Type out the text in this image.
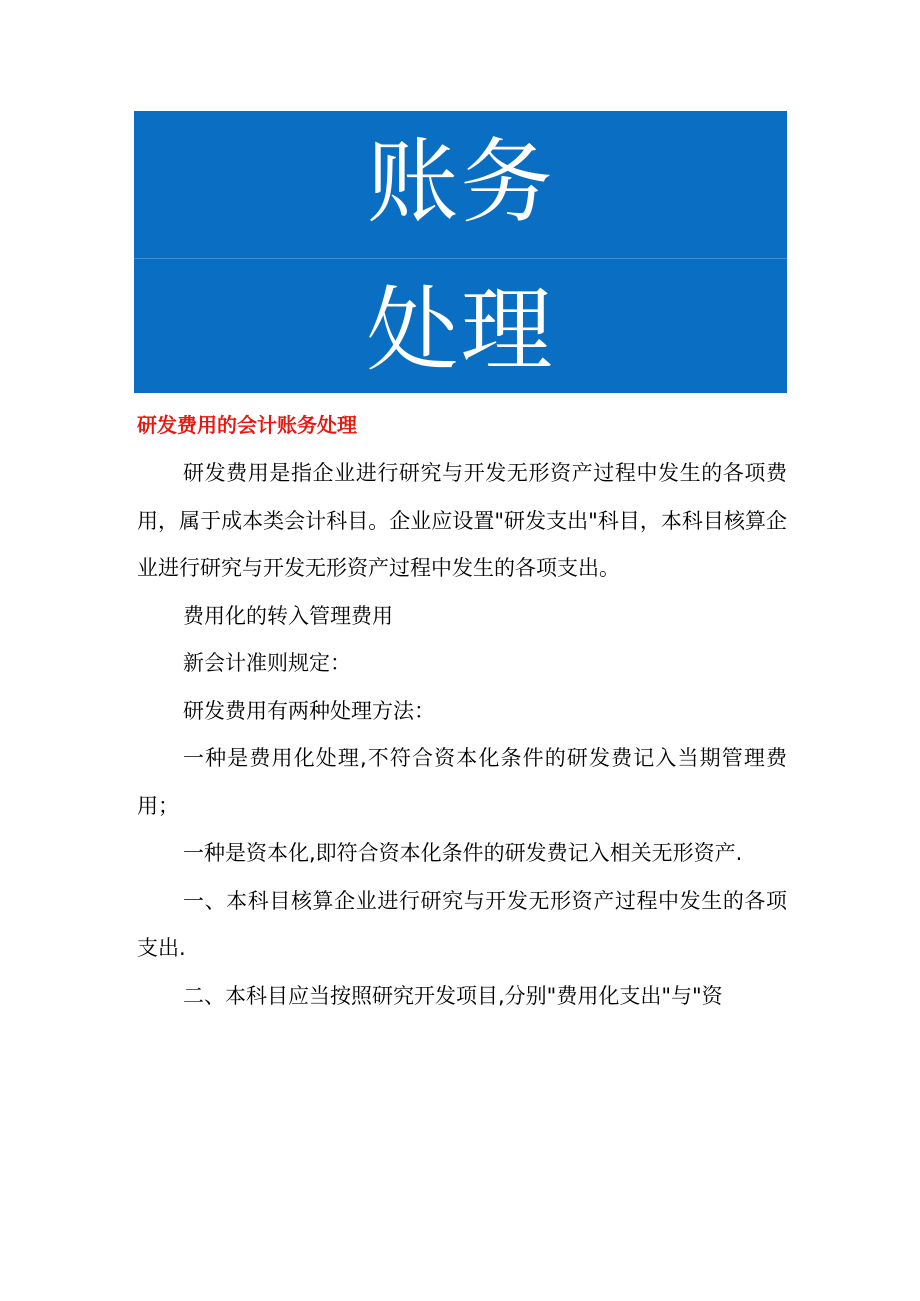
账务
处理
研发费用的会计账务处理

研发费用是指企业进行研究与开发无形资产过程中发生的各项费用，属于成本类会计科目。企业应设置"研发支出"科目，本科目核算企业进行研究与开发无形资产过程中发生的各项支出。

费用化的转入管理费用

新会计准则规定：

研发费用有两种处理方法：

一种是费用化处理,不符合资本化条件的研发费记入当期管理费用；

一种是资本化,即符合资本化条件的研发费记入相关无形资产.

一、本科目核算企业进行研究与开发无形资产过程中发生的各项支出.

二、本科目应当按照研究开发项目,分别"费用化支出"与"资
